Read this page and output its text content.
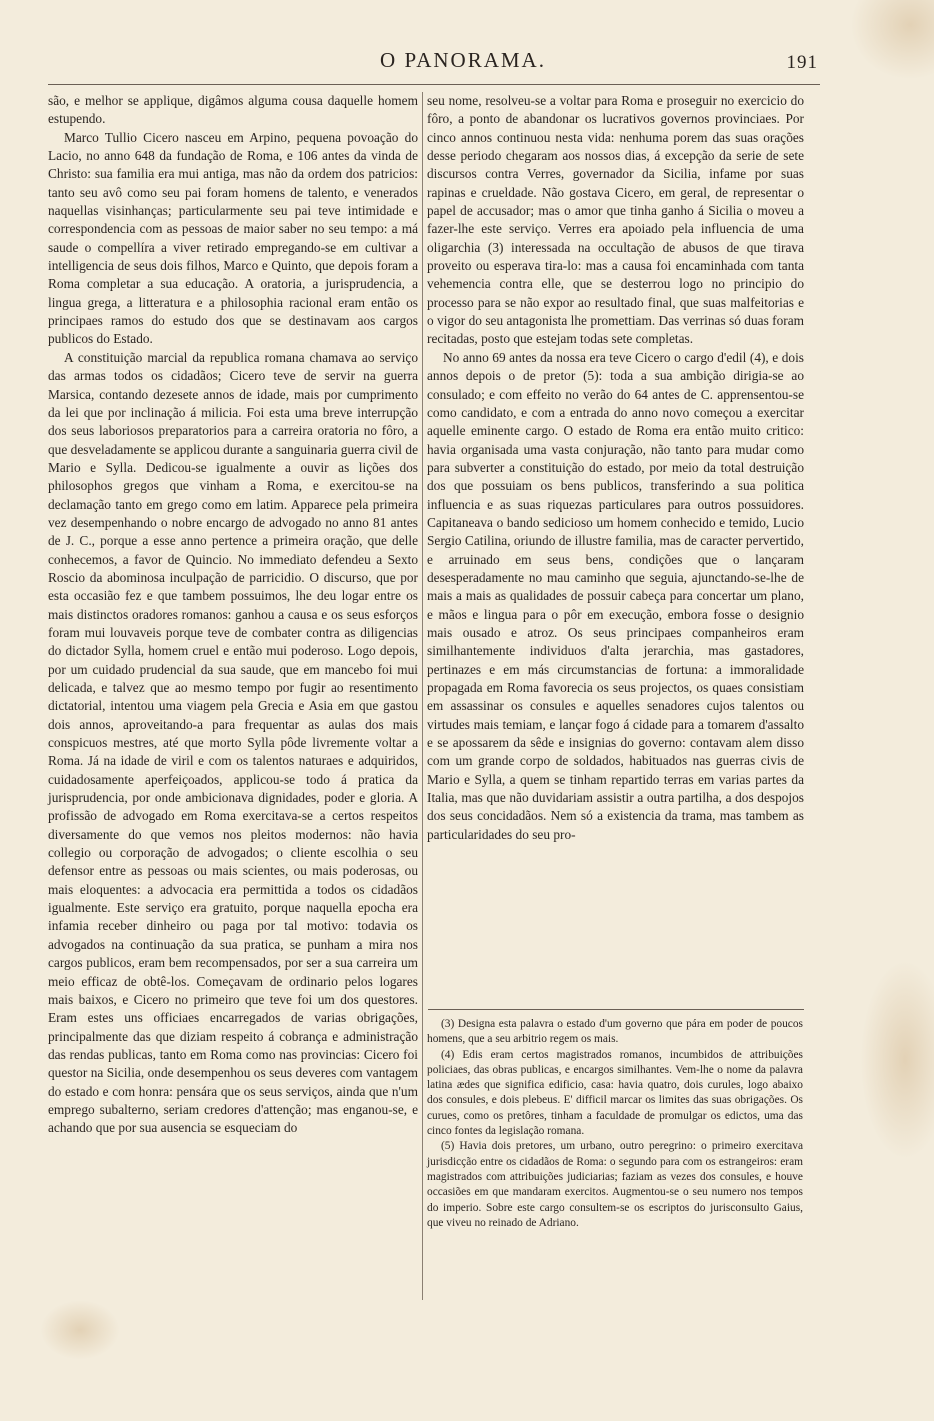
O PANORAMA.	191

são, e melhor se applique, digâmos alguma cousa daquelle homem estupendo.

Marco Tullio Cicero nasceu em Arpino, pequena povoação do Lacio, no anno 648 da fundação de Roma, e 106 antes da vinda de Christo: sua familia era mui antiga, mas não da ordem dos patricios: tanto seu avô como seu pai foram homens de talento, e venerados naquellas visinhanças; particularmente seu pai teve intimidade e correspondencia com as pessoas de maior saber no seu tempo: a má saude o compellíra a viver retirado empregando-se em cultivar a intelligencia de seus dois filhos, Marco e Quinto, que depois foram a Roma completar a sua educação. A oratoria, a jurisprudencia, a lingua grega, a litteratura e a philosophia racional eram então os principaes ramos do estudo dos que se destinavam aos cargos publicos do Estado.

A constituição marcial da republica romana chamava ao serviço das armas todos os cidadãos; Cicero teve de servir na guerra Marsica, contando dezesete annos de idade, mais por cumprimento da lei que por inclinação á milicia. Foi esta uma breve interrupção dos seus laboriosos preparatorios para a carreira oratoria no fôro, a que desveladamente se applicou durante a sanguinaria guerra civil de Mario e Sylla. Dedicou-se igualmente a ouvir as lições dos philosophos gregos que vinham a Roma, e exercitou-se na declamação tanto em grego como em latim. Apparece pela primeira vez desempenhando o nobre encargo de advogado no anno 81 antes de J. C., porque a esse anno pertence a primeira oração, que delle conhecemos, a favor de Quincio. No immediato defendeu a Sexto Roscio da abominosa inculpação de parricidio. O discurso, que por esta occasião fez e que tambem possuimos, lhe deu logar entre os mais distinctos oradores romanos: ganhou a causa e os seus esforços foram mui louvaveis porque teve de combater contra as diligencias do dictador Sylla, homem cruel e então mui poderoso. Logo depois, por um cuidado prudencial da sua saude, que em mancebo foi mui delicada, e talvez que ao mesmo tempo por fugir ao resentimento dictatorial, intentou uma viagem pela Grecia e Asia em que gastou dois annos, aproveitando-a para frequentar as aulas dos mais conspicuos mestres, até que morto Sylla pôde livremente voltar a Roma. Já na idade de viril e com os talentos naturaes e adquiridos, cuidadosamente aperfeiçoados, applicou-se todo á pratica da jurisprudencia, por onde ambicionava dignidades, poder e gloria. A profissão de advogado em Roma exercitava-se a certos respeitos diversamente do que vemos nos pleitos modernos: não havia collegio ou corporação de advogados; o cliente escolhia o seu defensor entre as pessoas ou mais scientes, ou mais poderosas, ou mais eloquentes: a advocacia era permittida a todos os cidadãos igualmente. Este serviço era gratuito, porque naquella epocha era infamia receber dinheiro ou paga por tal motivo: todavia os advogados na continuação da sua pratica, se punham a mira nos cargos publicos, eram bem recompensados, por ser a sua carreira um meio efficaz de obtê-los. Começavam de ordinario pelos logares mais baixos, e Cicero no primeiro que teve foi um dos questores. Eram estes uns officiaes encarregados de varias obrigações, principalmente das que diziam respeito á cobrança e administração das rendas publicas, tanto em Roma como nas provincias: Cicero foi questor na Sicilia, onde desempenhou os seus deveres com vantagem do estado e com honra: pensára que os seus serviços, ainda que n'um emprego subalterno, seriam credores d'attenção; mas enganou-se, e achando que por sua ausencia se esqueciam do

seu nome, resolveu-se a voltar para Roma e proseguir no exercicio do fôro, a ponto de abandonar os lucrativos governos provinciaes. Por cinco annos continuou nesta vida: nenhuma porem das suas orações desse periodo chegaram aos nossos dias, á excepção da serie de sete discursos contra Verres, governador da Sicilia, infame por suas rapinas e crueldade. Não gostava Cicero, em geral, de representar o papel de accusador; mas o amor que tinha ganho á Sicilia o moveu a fazer-lhe este serviço. Verres era apoiado pela influencia de uma oligarchia (3) interessada na occultação de abusos de que tirava proveito ou esperava tira-lo: mas a causa foi encaminhada com tanta vehemencia contra elle, que se desterrou logo no principio do processo para se não expor ao resultado final, que suas malfeitorias e o vigor do seu antagonista lhe promettiam. Das verrinas só duas foram recitadas, posto que estejam todas sete completas.

No anno 69 antes da nossa era teve Cicero o cargo d'edil (4), e dois annos depois o de pretor (5): toda a sua ambição dirigia-se ao consulado; e com effeito no verão do 64 antes de C. apprensentou-se como candidato, e com a entrada do anno novo começou a exercitar aquelle eminente cargo. O estado de Roma era então muito critico: havia organisada uma vasta conjuração, não tanto para mudar como para subverter a constituição do estado, por meio da total destruição dos que possuiam os bens publicos, transferindo a sua politica influencia e as suas riquezas particulares para outros possuidores. Capitaneava o bando sedicioso um homem conhecido e temido, Lucio Sergio Catilina, oriundo de illustre familia, mas de caracter pervertido, e arruinado em seus bens, condições que o lançaram desesperadamente no mau caminho que seguia, ajunctando-se-lhe de mais a mais as qualidades de possuir cabeça para concertar um plano, e mãos e lingua para o pôr em execução, embora fosse o designio mais ousado e atroz. Os seus principaes companheiros eram similhantemente individuos d'alta jerarchia, mas gastadores, pertinazes e em más circumstancias de fortuna: a immoralidade propagada em Roma favorecia os seus projectos, os quaes consistiam em assassinar os consules e aquelles senadores cujos talentos ou virtudes mais temiam, e lançar fogo á cidade para a tomarem d'assalto e se apossarem da sêde e insignias do governo: contavam alem disso com um grande corpo de soldados, habituados nas guerras civis de Mario e Sylla, a quem se tinham repartido terras em varias partes da Italia, mas que não duvidariam assistir a outra partilha, a dos despojos dos seus concidadãos. Nem só a existencia da trama, mas tambem as particularidades do seu pro-

(3) Designa esta palavra o estado d'um governo que pára em poder de poucos homens, que a seu arbitrio regem os mais.

(4) Edis eram certos magistrados romanos, incumbidos de attribuições policiaes, das obras publicas, e encargos similhantes. Vem-lhe o nome da palavra latina ædes que significa edificio, casa: havia quatro, dois curules, logo abaixo dos consules, e dois plebeus. E' difficil marcar os limites das suas obrigações. Os curues, como os pretôres, tinham a faculdade de promulgar os edictos, uma das cinco fontes da legislação romana.

(5) Havia dois pretores, um urbano, outro peregrino: o primeiro exercitava jurisdicção entre os cidadãos de Roma: o segundo para com os estrangeiros: eram magistrados com attribuições judiciarias; faziam as vezes dos consules, e houve occasiões em que mandaram exercitos. Augmentou-se o seu numero nos tempos do imperio. Sobre este cargo consultem-se os escriptos do jurisconsulto Gaius, que viveu no reinado de Adriano.
